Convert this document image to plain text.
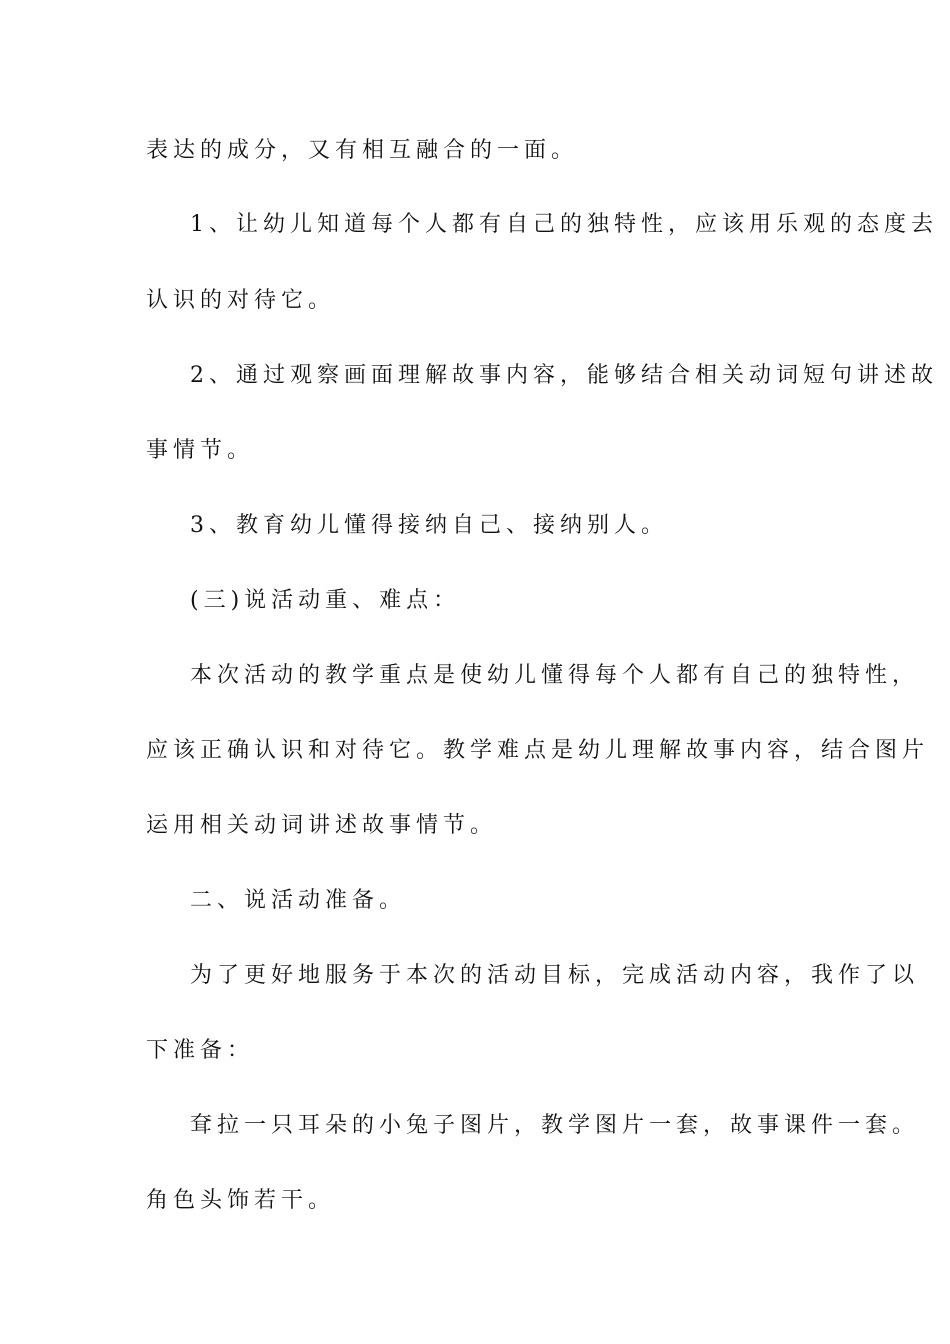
表达的成分，又有相互融合的一面。
1、让幼儿知道每个人都有自己的独特性，应该用乐观的态度去
认识的对待它。
2、通过观察画面理解故事内容，能够结合相关动词短句讲述故
事情节。
3、教育幼儿懂得接纳自己、接纳别人。
(三)说活动重、难点：
本次活动的教学重点是使幼儿懂得每个人都有自己的独特性，
应该正确认识和对待它。教学难点是幼儿理解故事内容，结合图片
运用相关动词讲述故事情节。
二、说活动准备。
为了更好地服务于本次的活动目标，完成活动内容，我作了以
下准备：
耷拉一只耳朵的小兔子图片，教学图片一套，故事课件一套。
角色头饰若干。
